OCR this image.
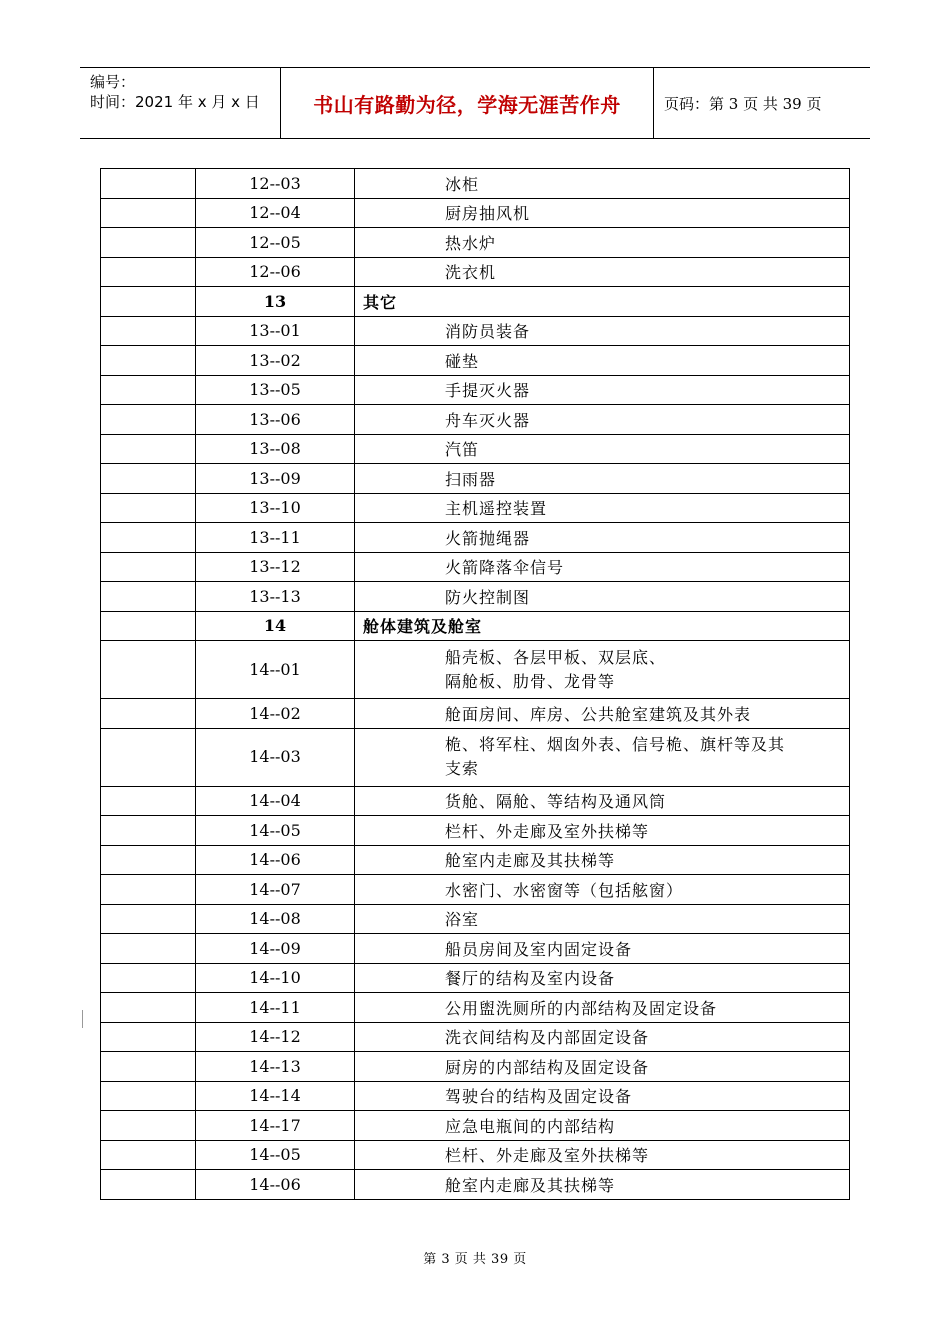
编号：
时间：2021 年 x 月 x 日	书山有路勤为径，学海无涯苦作舟	页码：第 3 页 共 39 页
	12--03	冰柜

	12--04	厨房抽风机

	12--05	热水炉

	12--06	洗衣机

	13	其它

	13--01	消防员装备

	13--02	碰垫

	13--05	手提灭火器

	13--06	舟车灭火器

	13--08	汽笛

	13--09	扫雨器

	13--10	主机遥控装置

	13--11	火箭抛绳器

	13--12	火箭降落伞信号

	13--13	防火控制图

	14	舱体建筑及舱室

	14--01	船壳板、各层甲板、双层底、
隔舱板、肋骨、龙骨等

	14--02	舱面房间、库房、公共舱室建筑及其外表

	14--03	桅、将军柱、烟囱外表、信号桅、旗杆等及其
支索

	14--04	货舱、隔舱、等结构及通风筒

	14--05	栏杆、外走廊及室外扶梯等

	14--06	舱室内走廊及其扶梯等

	14--07	水密门、水密窗等（包括舷窗）

	14--08	浴室

	14--09	船员房间及室内固定设备

	14--10	餐厅的结构及室内设备

	14--11	公用盥洗厕所的内部结构及固定设备

	14--12	洗衣间结构及内部固定设备

	14--13	厨房的内部结构及固定设备

	14--14	驾驶台的结构及固定设备

	14--17	应急电瓶间的内部结构

	14--05	栏杆、外走廊及室外扶梯等

	14--06	舱室内走廊及其扶梯等
第 3 页 共 39 页
